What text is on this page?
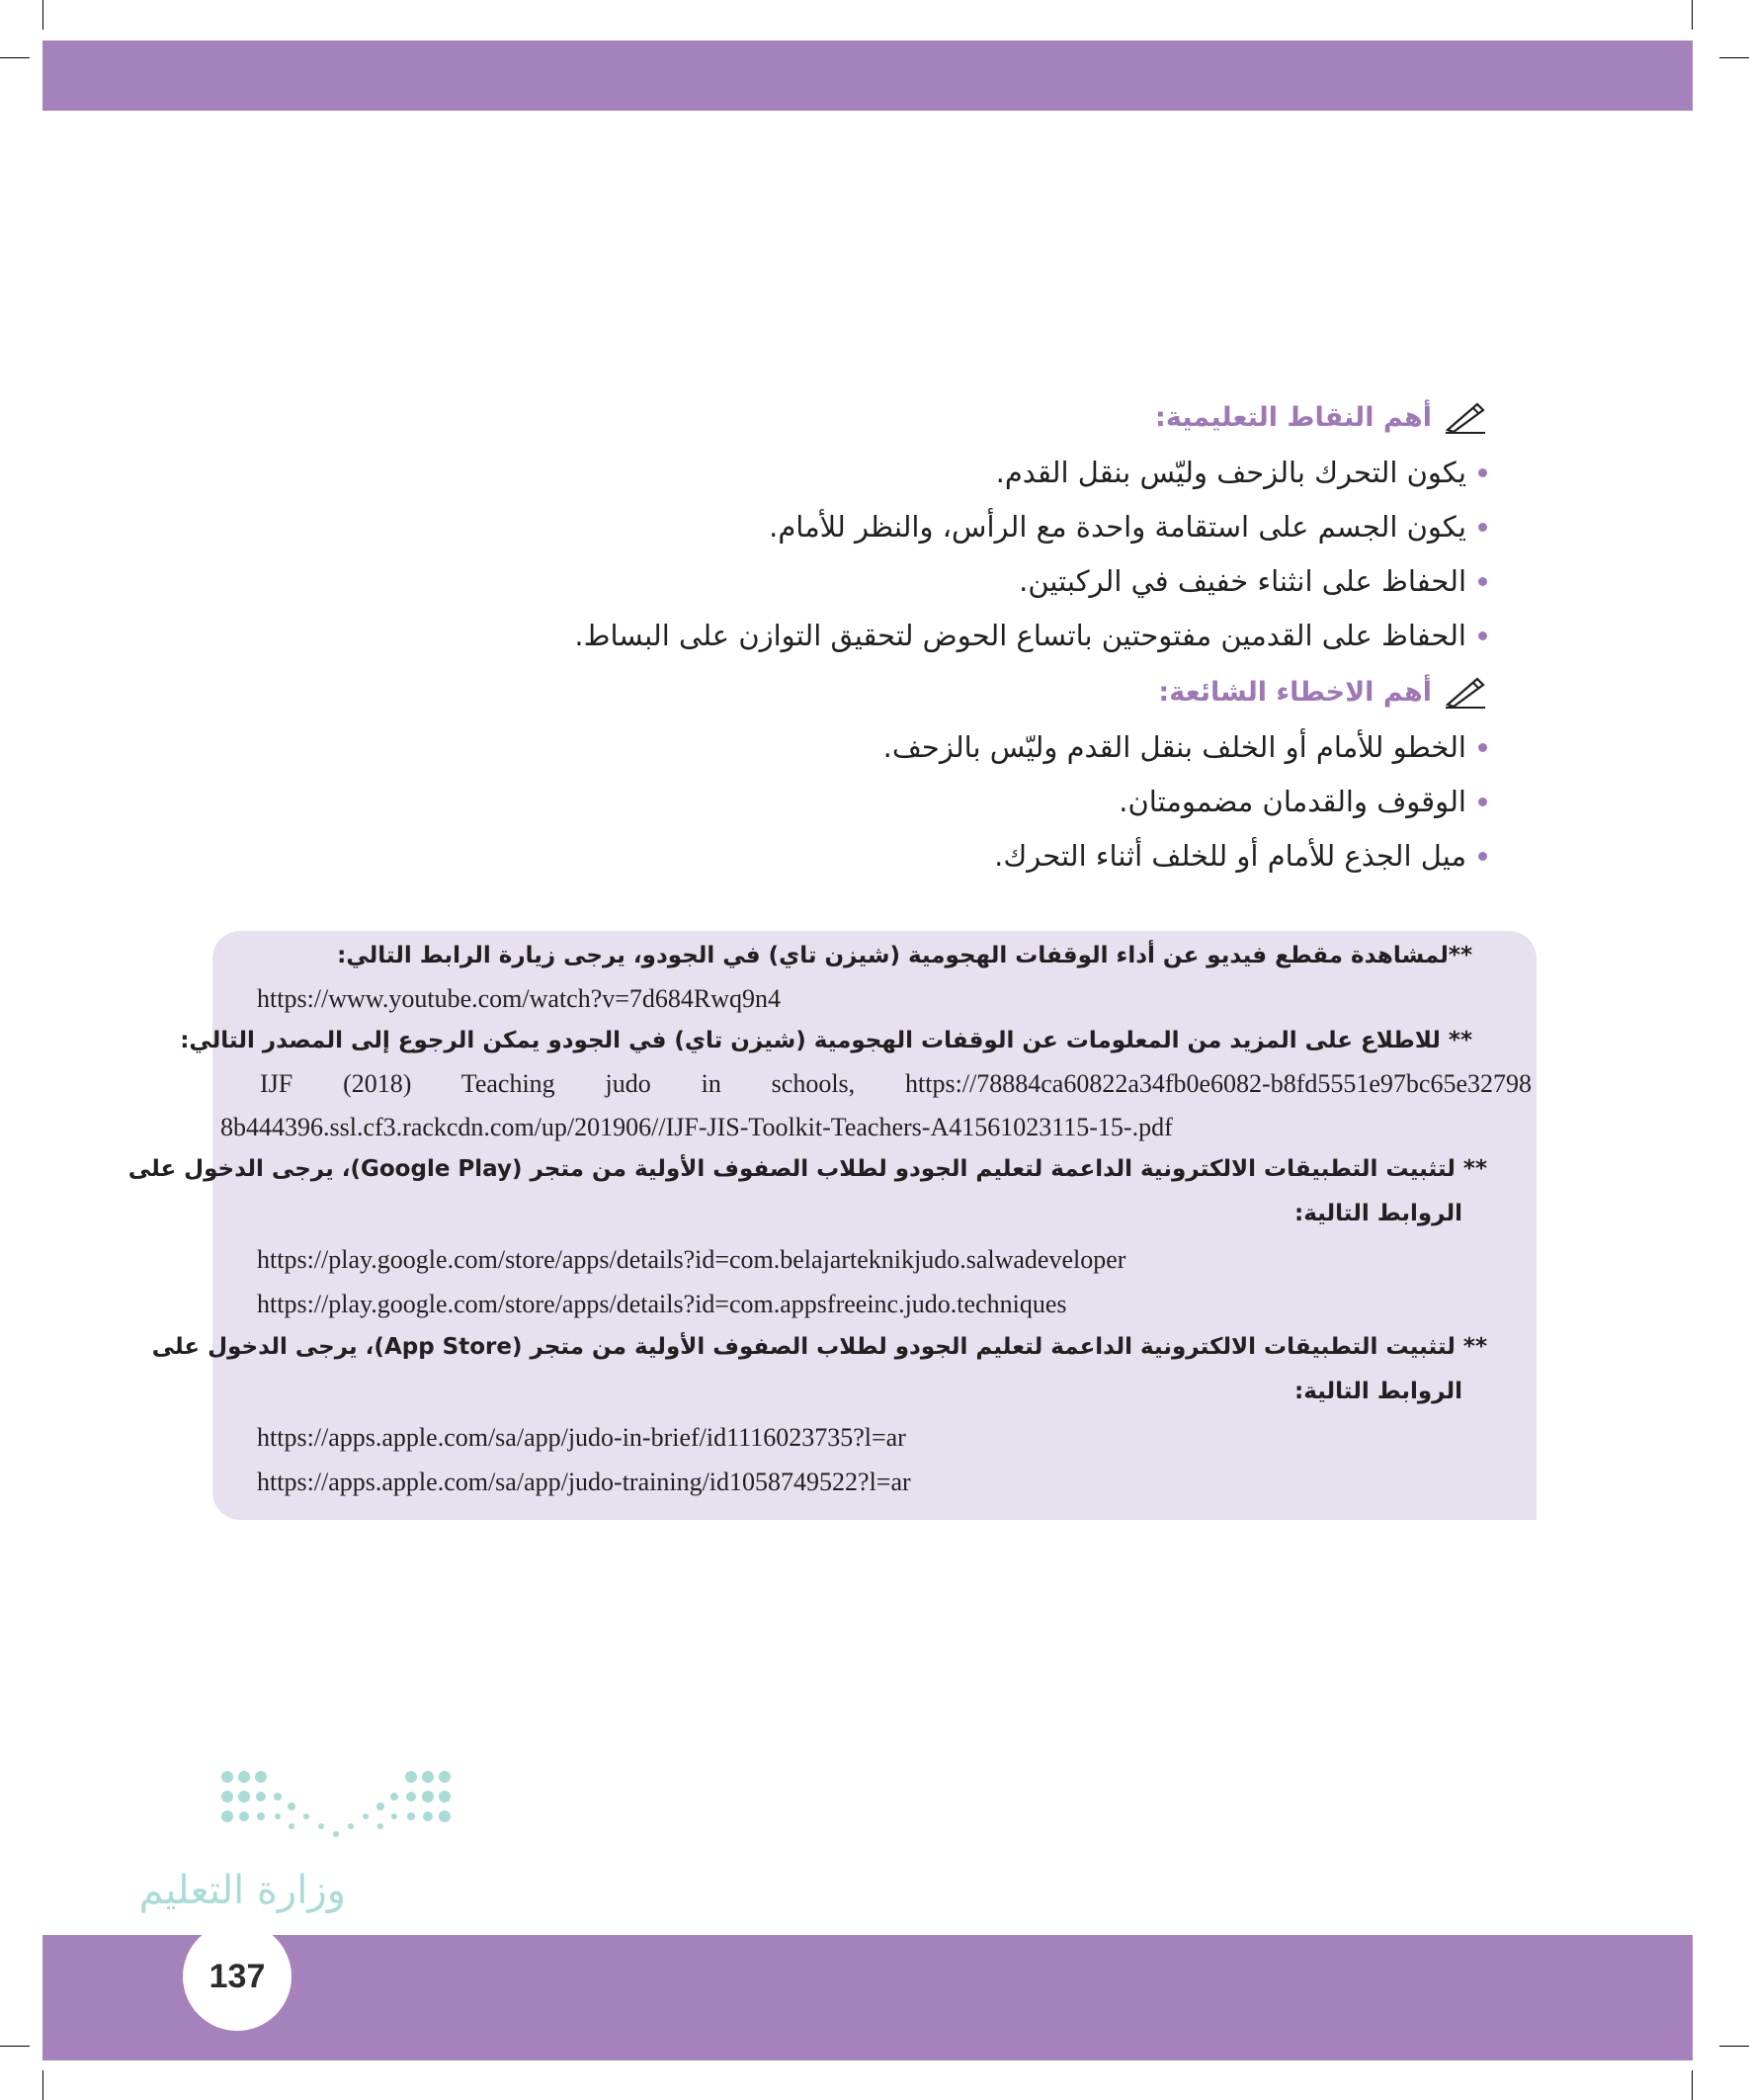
أهم النقاط التعليمية:
يكون التحرك بالزحف وليّس بنقل القدم.
يكون الجسم على استقامة واحدة مع الرأس، والنظر للأمام.
الحفاظ على انثناء خفيف في الركبتين.
الحفاظ على القدمين مفتوحتين باتساع الحوض لتحقيق التوازن على البساط.
أهم الاخطاء الشائعة:
الخطو للأمام أو الخلف بنقل القدم وليّس بالزحف.
الوقوف والقدمان مضمومتان.
ميل الجذع للأمام أو للخلف أثناء التحرك.
**لمشاهدة مقطع فيديو عن أداء الوقفات الهجومية (شيزن تاي) في الجودو، يرجى زيارة الرابط التالي:
https://www.youtube.com/watch?v=7d684Rwq9n4
** للاطلاع على المزيد من المعلومات عن الوقفات الهجومية (شيزن تاي) في الجودو يمكن الرجوع إلى المصدر التالي:
IJF (2018) Teaching judo in schools, https://78884ca60822a34fb0e6082-b8fd5551e97bc65e32798
8b444396.ssl.cf3.rackcdn.com/up/201906//IJF-JIS-Toolkit-Teachers-A41561023115-15-.pdf
** لتثبيت التطبيقات الالكترونية الداعمة لتعليم الجودو لطلاب الصفوف الأولية من متجر (Google Play)، يرجى الدخول على
الروابط التالية:
https://play.google.com/store/apps/details?id=com.belajarteknikjudo.salwadeveloper
https://play.google.com/store/apps/details?id=com.appsfreeinc.judo.techniques
** لتثبيت التطبيقات الالكترونية الداعمة لتعليم الجودو لطلاب الصفوف الأولية من متجر (App Store)، يرجى الدخول على
الروابط التالية:
https://apps.apple.com/sa/app/judo-in-brief/id1116023735?l=ar
https://apps.apple.com/sa/app/judo-training/id1058749522?l=ar
وزارة التعليم
137
